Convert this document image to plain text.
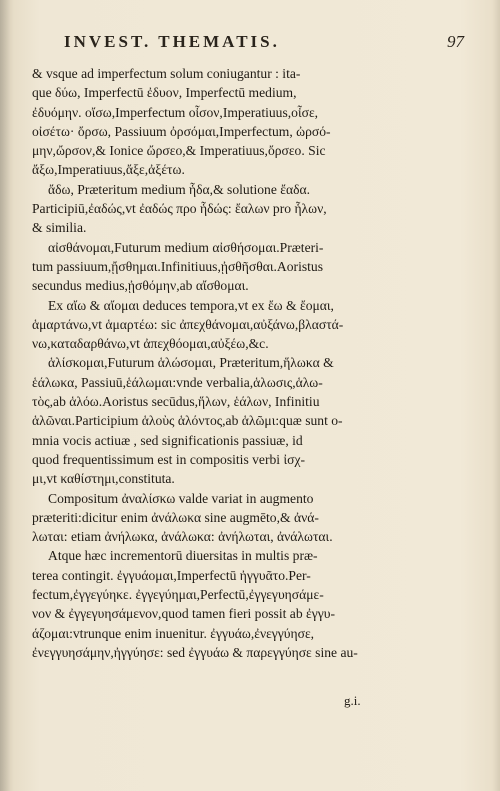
INVEST. THEMATIS.	97
& vsque ad imperfectum solum coniugantur : ita-
que δύω, Imperfectū ἐδυον, Imperfectū medium,
ἐδυόμην. οἴσω,Imperfectum οἶσον,Imperatiuus,οἶσε,
οἰσέτω· ὄρσω, Passiuum ὀρσόμαι,Imperfectum, ὠρσό-
μην,ὤρσον,& Ionice ὤρσεο,& Imperatiuus,ὄρσεο. Sic
ἄξω,Imperatiuus,ἄξε,ἀξέτω.
ἄδω, Præteritum medium ἧδα,& solutione ἔαδα.
Participiū,ἐαδώς,vt ἐαδώς προ ἧδώς: ἔαλων pro ἧλων,
& similia.
αἰσθάνομαι,Futurum medium αἰσθήσομαι.Præteri-
tum passiuum,ᾔσθημαι.Infinitiuus,ᾐσθῆσθαι.Aoristus
secundus medius,ᾐσθόμην,ab αἴσθομαι.
Ex αἴω & αἴομαι deduces tempora,vt ex ἔω & ἔομαι,
ἁμαρτάνω,vt ἁμαρτέω: sic ἀπεχθάνομαι,αὐξάνω,βλαστά-
νω,καταδαρθάνω,vt ἀπεχθόομαι,αὐξέω,&c.
ἁλίσκομαι,Futurum ἁλώσομαι, Præteritum,ἥλωκα &
ἑάλωκα, Passiuū,ἑάλωμαι:vnde verbalia,ἁλωσις,ἁλω-
τὸς,ab ἁλόω.Aoristus secūdus,ἥλων, ἑάλων, Infinitiu
ἁλῶναι.Participium ἁλοὺς ἁλόντος,ab ἁλῶμι:quæ sunt o-
mnia vocis actiuæ , sed significationis passiuæ, id
quod frequentissimum est in compositis verbi ἰσχ-
μι,vt καθίστημι,constituta.
Compositum ἀναλίσκω valde variat in augmento
præteriti:dicitur enim ἀνάλωκα sine augmēto,& ἀνά-
λωται: etiam ἀνήλωκα, ἀνάλωκα: ἀνήλωται, ἀνάλωται.
Atque hæc incrementorū diuersitas in multis præ-
terea contingit. ἐγγυάομαι,Imperfectū ἠγγυᾶτο.Per-
fectum,ἐγγεγύηκε. ἐγγεγύημαι,Perfectū,ἐγγεγυησάμε-
νον & ἐγγεγυησάμενον,quod tamen fieri possit ab ἐγγυ-
άζομαι:vtrunque enim inuenitur. ἐγγυάω,ἐνεγγύησε,
ἐνεγγυησάμην,ἠγγύησε: sed ἐγγυάω & παρεγγύησε sine au-
g.i.
